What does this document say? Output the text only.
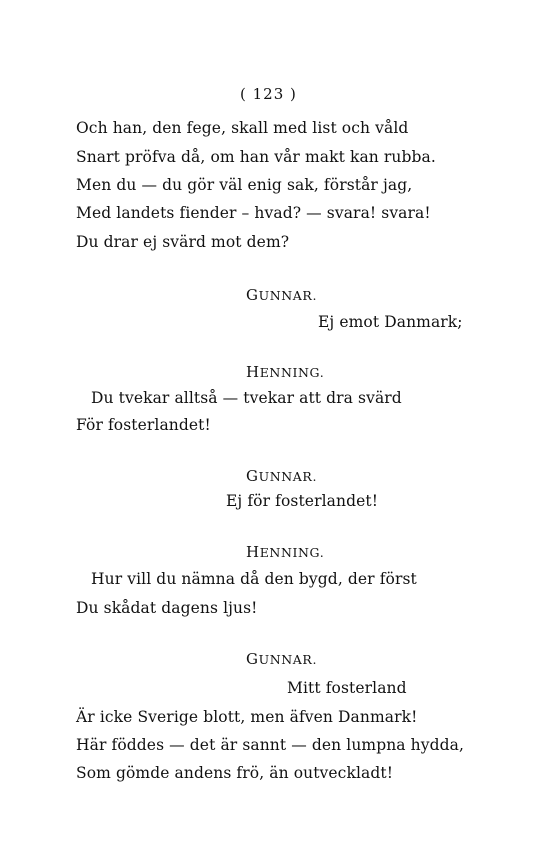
( 123 )
Och han, den fege, skall med list och våld
Snart pröfva då, om han vår makt kan rubba.
Men du — du gör väl enig sak, förstår jag,
Med landets fiender – hvad? — svara! svara!
Du drar ej svärd mot dem?
GUNNAR.
Ej emot Danmark;
HENNING.
Du tvekar alltså — tvekar att dra svärd
För fosterlandet!
GUNNAR.
Ej för fosterlandet!
HENNING.
Hur vill du nämna då den bygd, der först
Du skådat dagens ljus!
GUNNAR.
Mitt fosterland
Är icke Sverige blott, men äfven Danmark!
Här föddes — det är sannt — den lumpna hydda,
Som gömde andens frö, än outveckladt!
